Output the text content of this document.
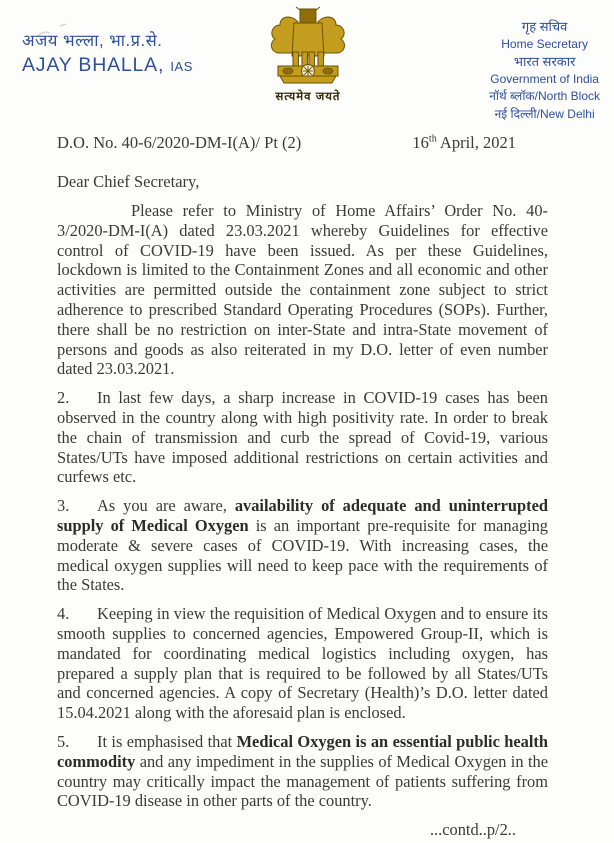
अजय भल्ला, भा.प्र.से.
AJAY BHALLA, IAS
सत्यमेव जयते
गृह सचिव
Home Secretary
भारत सरकार
Government of India
नॉर्थ ब्लॉक/North Block
नई दिल्ली/New Delhi
D.O. No. 40-6/2020-DM-I(A)/ Pt (2)	16th April, 2021
Dear Chief Secretary,
Please refer to Ministry of Home Affairs’ Order No. 40-3/2020-DM-I(A) dated 23.03.2021 whereby Guidelines for effective control of COVID-19 have been issued. As per these Guidelines, lockdown is limited to the Containment Zones and all economic and other activities are permitted outside the containment zone subject to strict adherence to prescribed Standard Operating Procedures (SOPs). Further, there shall be no restriction on inter-State and intra-State movement of persons and goods as also reiterated in my D.O. letter of even number dated 23.03.2021.
2. In last few days, a sharp increase in COVID-19 cases has been observed in the country along with high positivity rate. In order to break the chain of transmission and curb the spread of Covid-19, various States/UTs have imposed additional restrictions on certain activities and curfews etc.
3. As you are aware, availability of adequate and uninterrupted supply of Medical Oxygen is an important pre-requisite for managing moderate & severe cases of COVID-19. With increasing cases, the medical oxygen supplies will need to keep pace with the requirements of the States.
4. Keeping in view the requisition of Medical Oxygen and to ensure its smooth supplies to concerned agencies, Empowered Group-II, which is mandated for coordinating medical logistics including oxygen, has prepared a supply plan that is required to be followed by all States/UTs and concerned agencies. A copy of Secretary (Health)’s D.O. letter dated 15.04.2021 along with the aforesaid plan is enclosed.
5. It is emphasised that Medical Oxygen is an essential public health commodity and any impediment in the supplies of Medical Oxygen in the country may critically impact the management of patients suffering from COVID-19 disease in other parts of the country.
...contd..p/2..
